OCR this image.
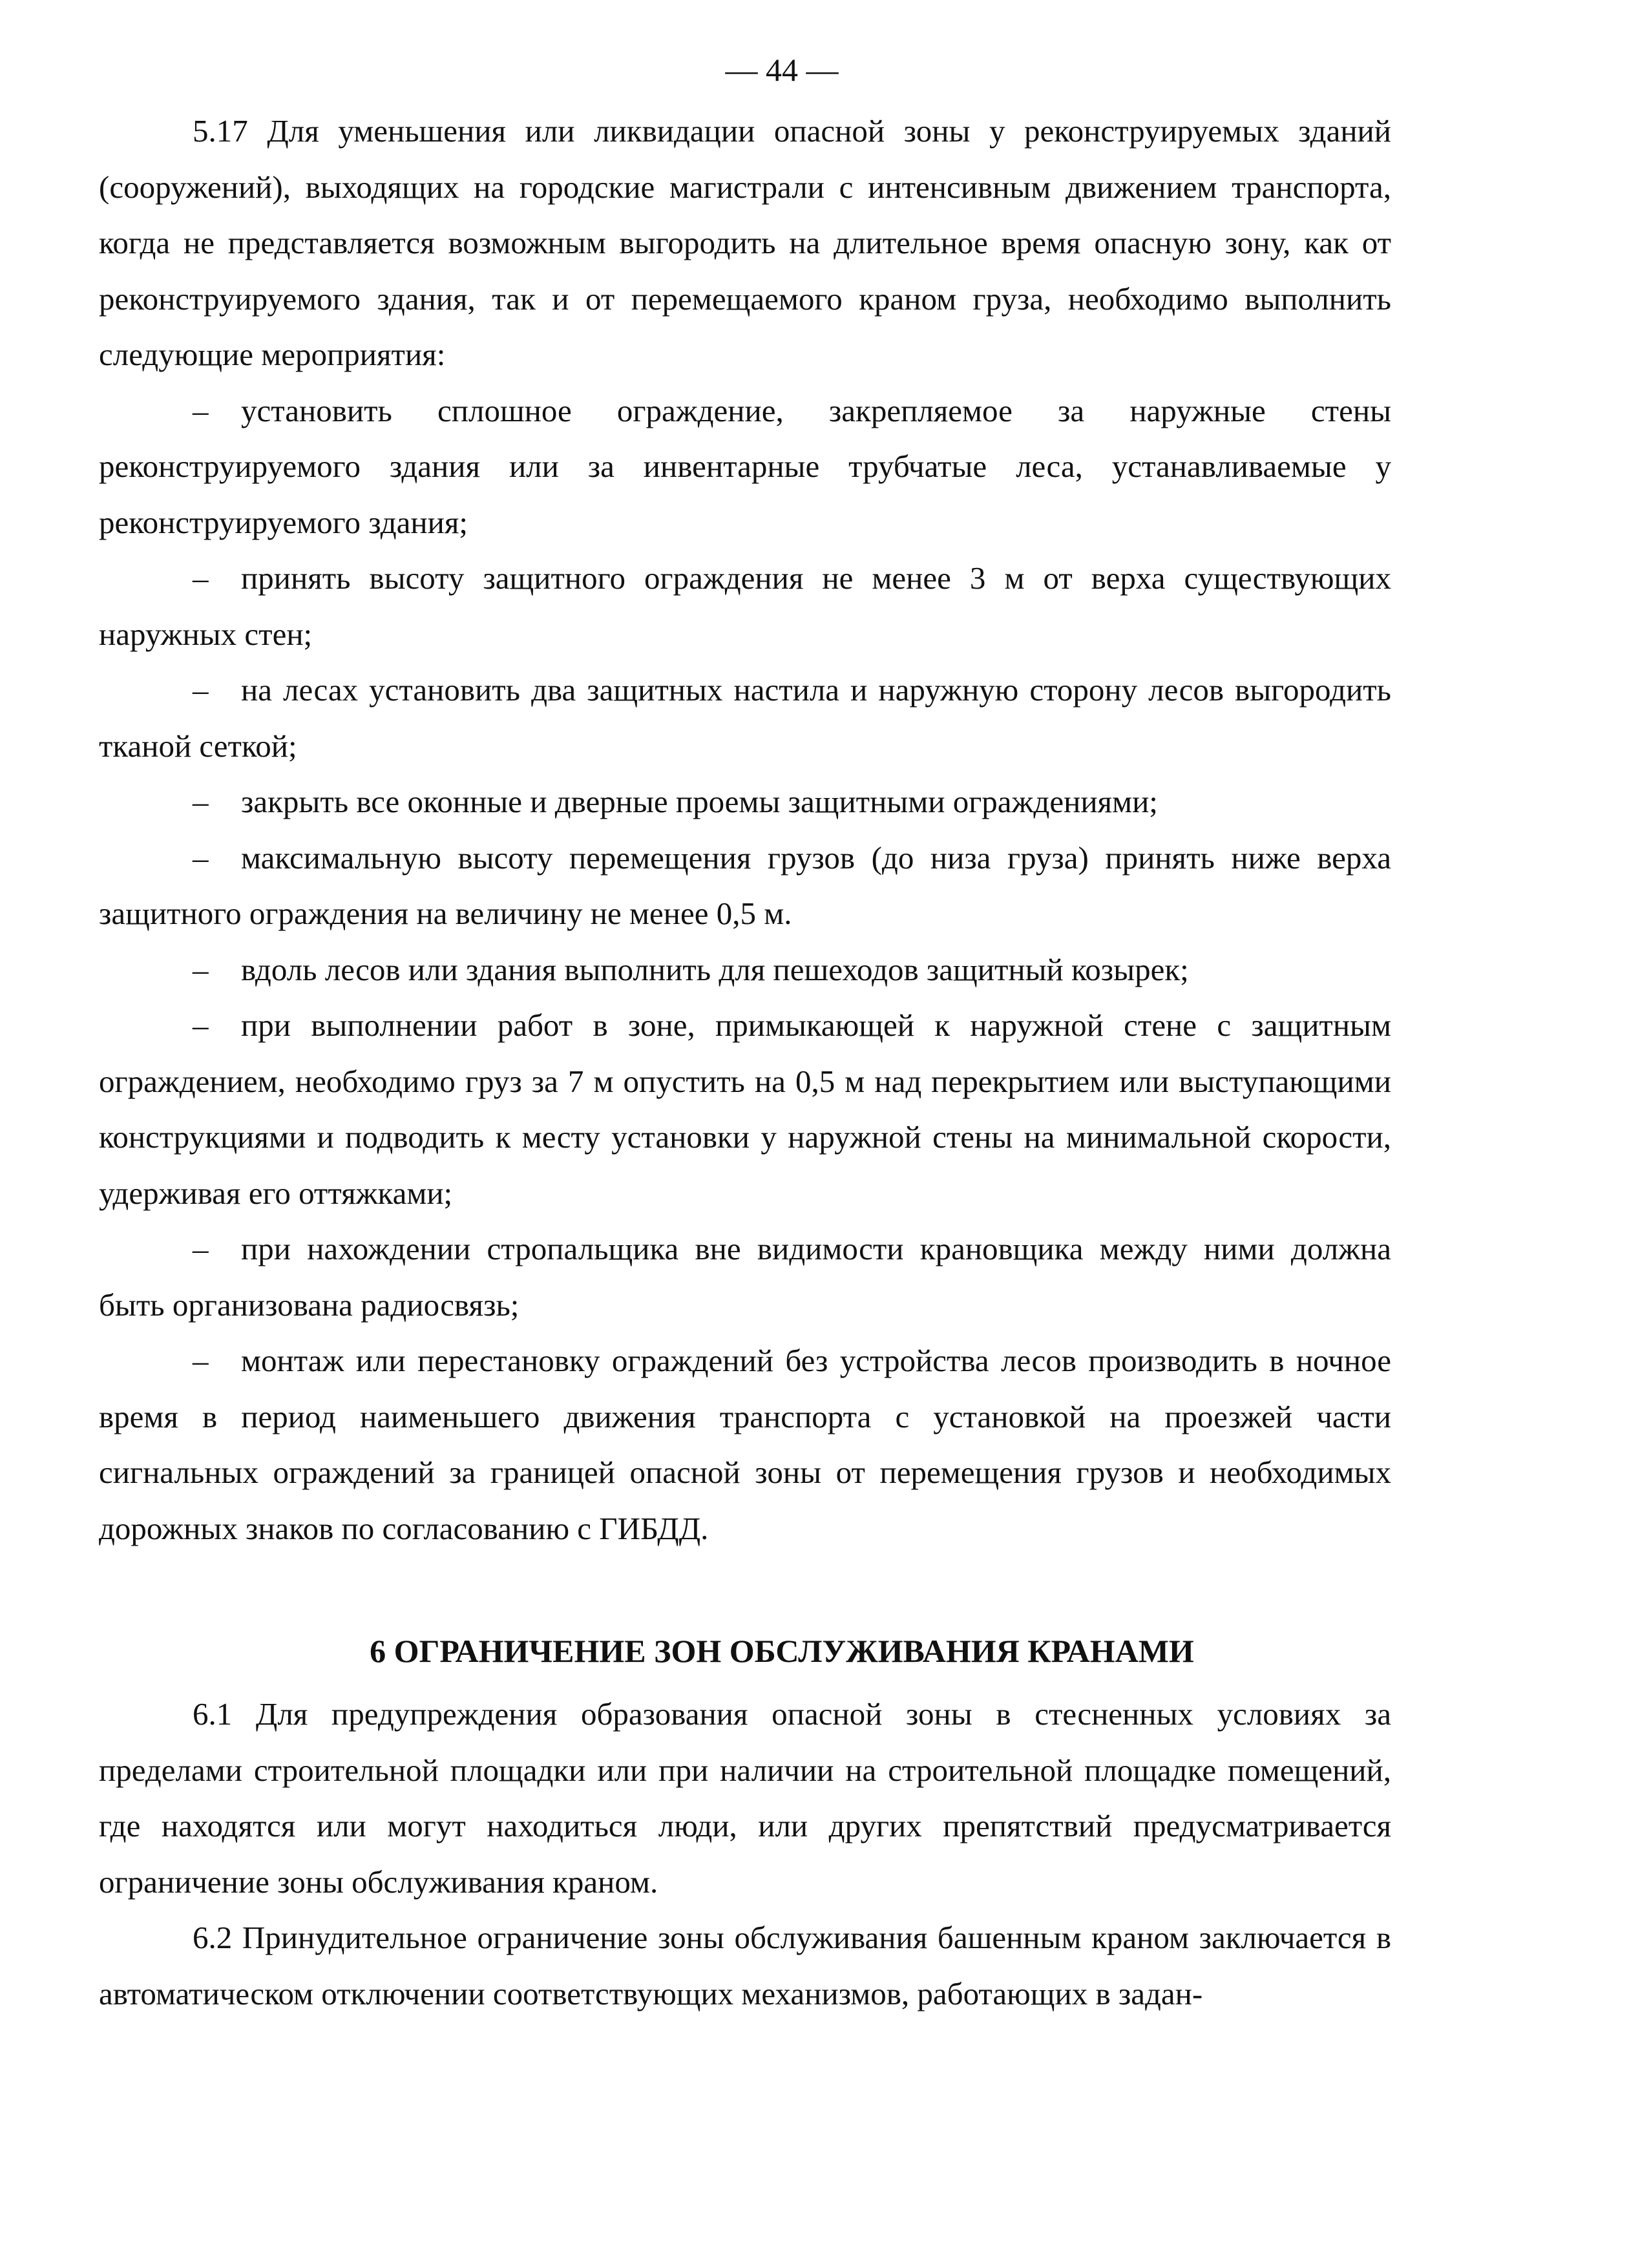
— 44 —

5.17 Для уменьшения или ликвидации опасной зоны у реконструируемых зданий (сооружений), выходящих на городские магистрали с интенсивным движением транспорта, когда не представляется возможным выгородить на длительное время опасную зону, как от реконструируемого здания, так и от перемещаемого краном груза, необходимо выполнить следующие мероприятия:

– установить сплошное ограждение, закрепляемое за наружные стены реконструируемого здания или за инвентарные трубчатые леса, устанавливаемые у реконструируемого здания;

– принять высоту защитного ограждения не менее 3 м от верха существующих наружных стен;

– на лесах установить два защитных настила и наружную сторону лесов выгородить тканой сеткой;

– закрыть все оконные и дверные проемы защитными ограждениями;

– максимальную высоту перемещения грузов (до низа груза) принять ниже верха защитного ограждения на величину не менее 0,5 м.

– вдоль лесов или здания выполнить для пешеходов защитный козырек;

– при выполнении работ в зоне, примыкающей к наружной стене с защитным ограждением, необходимо груз за 7 м опустить на 0,5 м над перекрытием или выступающими конструкциями и подводить к месту установки у наружной стены на минимальной скорости, удерживая его оттяжками;

– при нахождении стропальщика вне видимости крановщика между ними должна быть организована радиосвязь;

– монтаж или перестановку ограждений без устройства лесов производить в ночное время в период наименьшего движения транспорта с установкой на проезжей части сигнальных ограждений за границей опасной зоны от перемещения грузов и необходимых дорожных знаков по согласованию с ГИБДД.

6 ОГРАНИЧЕНИЕ ЗОН ОБСЛУЖИВАНИЯ КРАНАМИ

6.1 Для предупреждения образования опасной зоны в стесненных условиях за пределами строительной площадки или при наличии на строительной площадке помещений, где находятся или могут находиться люди, или других препятствий предусматривается ограничение зоны обслуживания краном.

6.2 Принудительное ограничение зоны обслуживания башенным краном заключается в автоматическом отключении соответствующих механизмов, работающих в задан-
